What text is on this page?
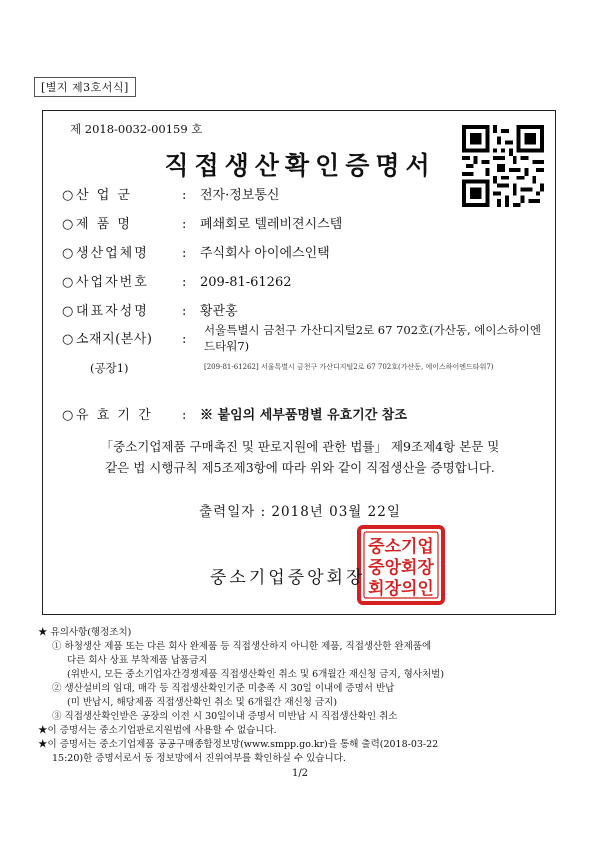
[별지 제3호서식]
제 2018-0032-00159 호
직접생산확인증명서
○ 산 업 군	: 전자·정보통신
○ 제 품 명	: 폐쇄회로 텔레비젼시스템
○ 생산업체명	: 주식회사 아이에스인택
○ 사업자번호	: 209-81-61262
○ 대표자성명	: 황관홍
○ 소재지(본사) :
서울특별시 금천구 가산디지털2로 67 702호(가산동, 에이스하이엔드타워7)
(공장1)	[209-81-61262] 서울특별시 금천구 가산디지털2로 67 702호(가산동, 에이스하이엔드타워7)
○ 유 효 기 간 : ※ 붙임의 세부품명별 유효기간 참조
「중소기업제품 구매촉진 및 판로지원에 관한 법률」 제9조제4항 본문 및
같은 법 시행규칙 제5조제3항에 따라 위와 같이 직접생산을 증명합니다.
출력일자 : 2018년 03월 22일
중소기업
중앙회장
회장의인
중소기업중앙회장
★ 유의사항(행정조치)
① 하청생산 제품 또는 다른 회사 완제품 등 직접생산하지 아니한 제품, 직접생산한 완제품에
다른 회사 상표 부착제품 납품금지
(위반시, 모든 중소기업자간경쟁제품 직접생산확인 취소 및 6개월간 재신청 금지, 형사처벌)
② 생산설비의 임대, 매각 등 직접생산확인기준 미충족 시 30일 이내에 증명서 반납
(미 반납시, 해당제품 직접생산확인 취소 및 6개월간 재신청 금지)
③ 직접생산확인받은 공장의 이전 시 30일이내 증명서 미반납 시 직접생산확인 취소
★이 증명서는 중소기업판로지원법에 사용할 수 없습니다.
★이 증명서는 중소기업제품 공공구매종합정보망(www.smpp.go.kr)을 통해 출력(2018-03-22
15:20)한 증명서로서 동 정보망에서 진위여부를 확인하실 수 있습니다.
1/2
